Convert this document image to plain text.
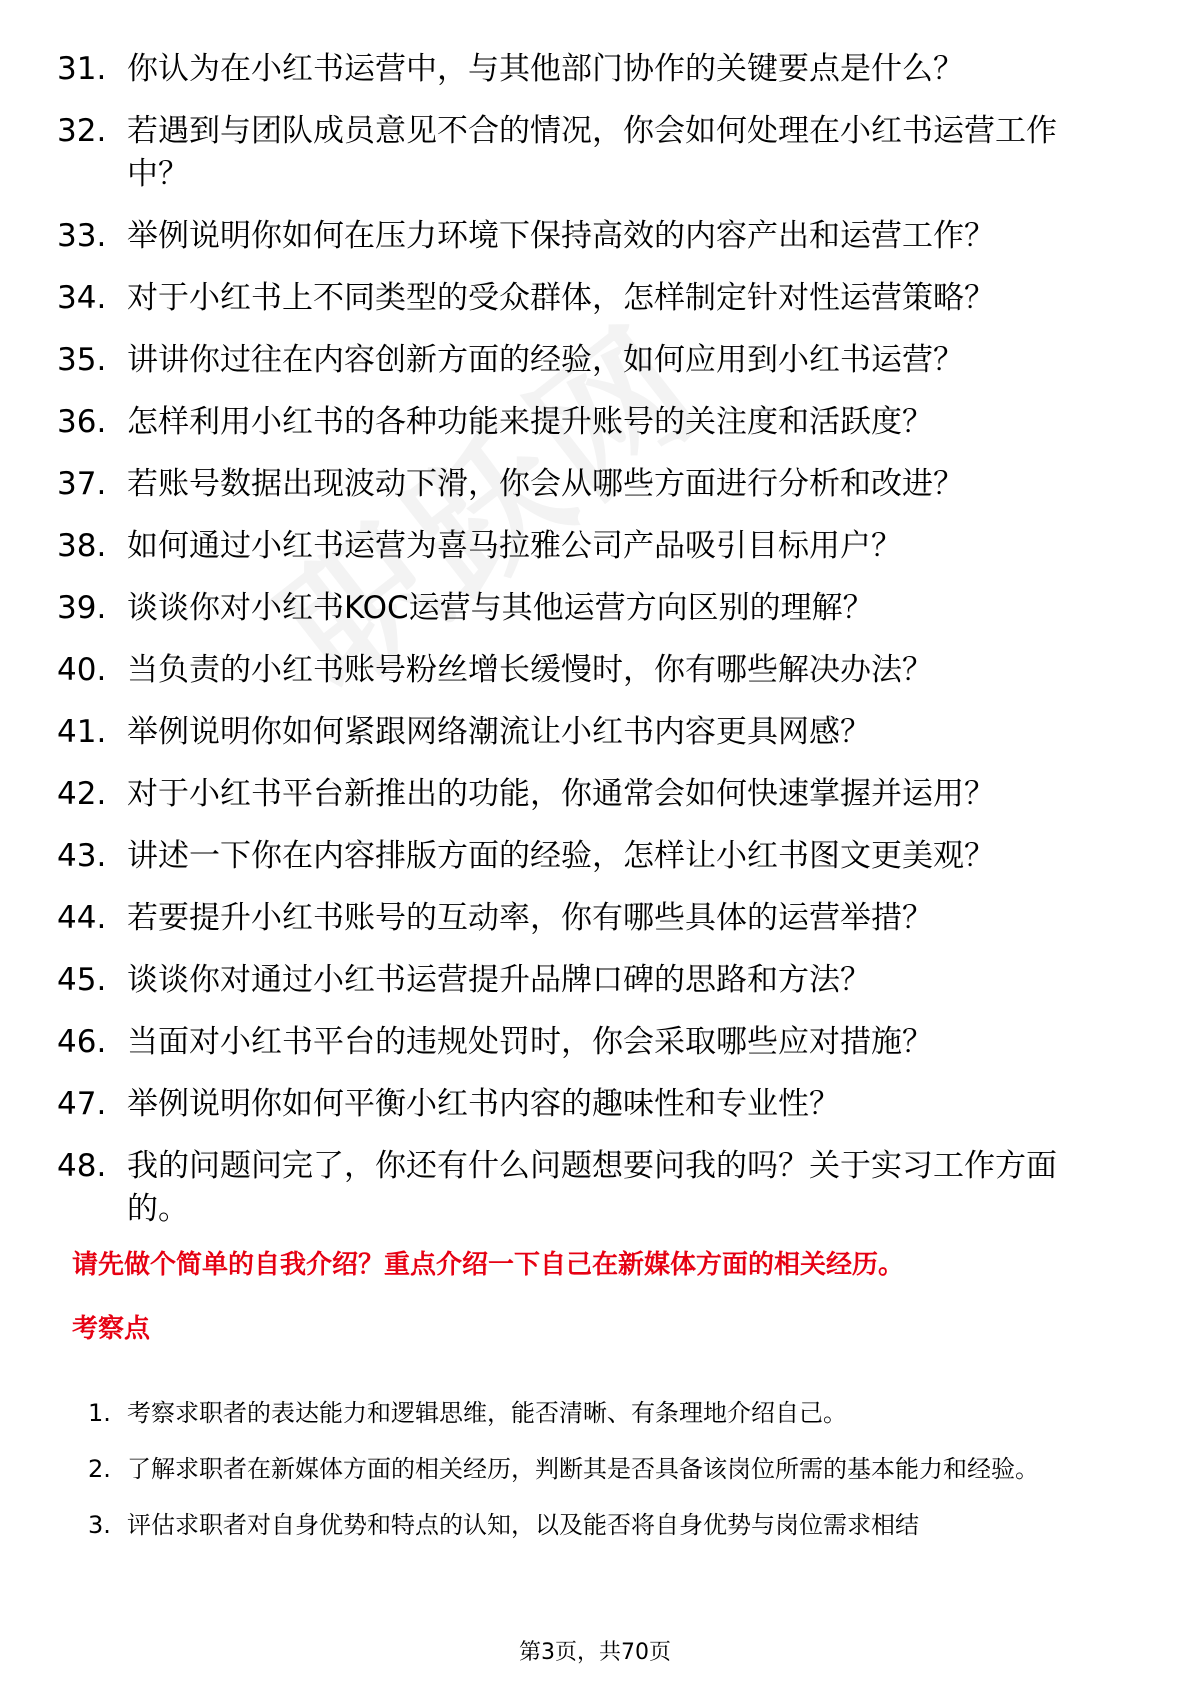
31. 你认为在小红书运营中，与其他部门协作的关键要点是什么？
32. 若遇到与团队成员意见不合的情况，你会如何处理在小红书运营工作中？
33. 举例说明你如何在压力环境下保持高效的内容产出和运营工作？
34. 对于小红书上不同类型的受众群体，怎样制定针对性运营策略？
35. 讲讲你过往在内容创新方面的经验，如何应用到小红书运营？
36. 怎样利用小红书的各种功能来提升账号的关注度和活跃度？
37. 若账号数据出现波动下滑，你会从哪些方面进行分析和改进？
38. 如何通过小红书运营为喜马拉雅公司产品吸引目标用户？
39. 谈谈你对小红书KOC运营与其他运营方向区别的理解？
40. 当负责的小红书账号粉丝增长缓慢时，你有哪些解决办法？
41. 举例说明你如何紧跟网络潮流让小红书内容更具网感？
42. 对于小红书平台新推出的功能，你通常会如何快速掌握并运用？
43. 讲述一下你在内容排版方面的经验，怎样让小红书图文更美观？
44. 若要提升小红书账号的互动率，你有哪些具体的运营举措？
45. 谈谈你对通过小红书运营提升品牌口碑的思路和方法？
46. 当面对小红书平台的违规处罚时，你会采取哪些应对措施？
47. 举例说明你如何平衡小红书内容的趣味性和专业性？
48. 我的问题问完了，你还有什么问题想要问我的吗？关于实习工作方面的。
请先做个简单的自我介绍？重点介绍一下自己在新媒体方面的相关经历。
考察点
1. 考察求职者的表达能力和逻辑思维，能否清晰、有条理地介绍自己。
2. 了解求职者在新媒体方面的相关经历，判断其是否具备该岗位所需的基本能力和经验。
3. 评估求职者对自身优势和特点的认知，以及能否将自身优势与岗位需求相结
第3页，共70页
